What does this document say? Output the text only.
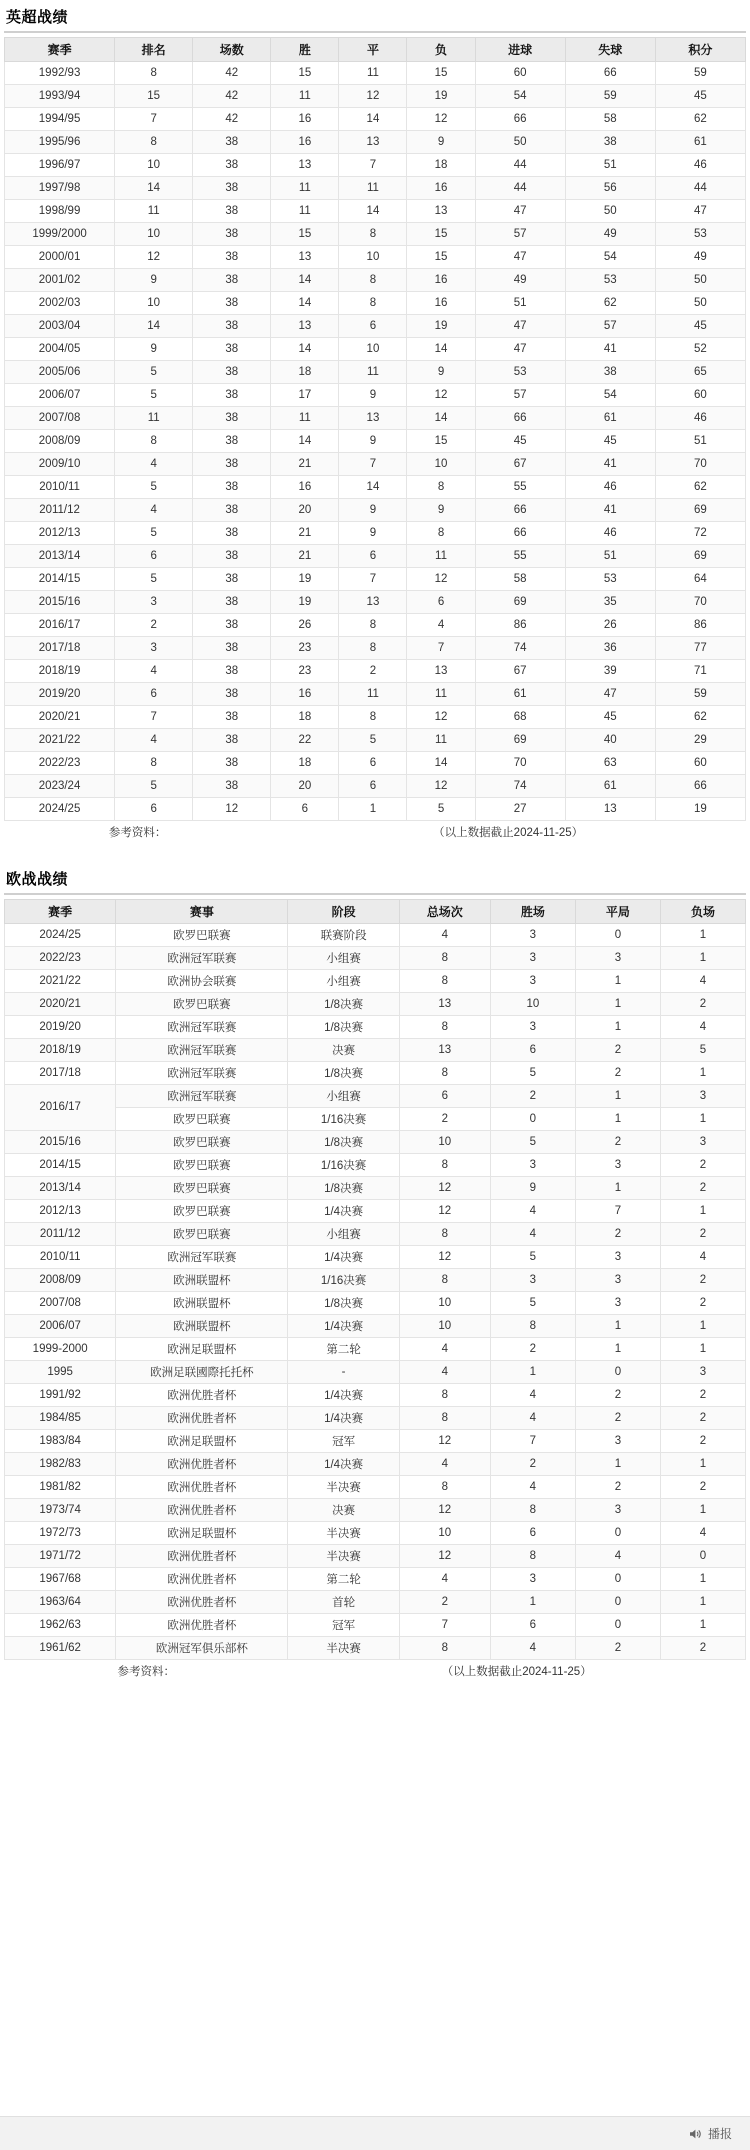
英超战绩
赛季	排名	场数	胜	平	负	进球	失球	积分
1992/93	8	42	15	11	15	60	66	59
1993/94	15	42	11	12	19	54	59	45
1994/95	7	42	16	14	12	66	58	62
1995/96	8	38	16	13	9	50	38	61
1996/97	10	38	13	7	18	44	51	46
1997/98	14	38	11	11	16	44	56	44
1998/99	11	38	11	14	13	47	50	47
1999/2000	10	38	15	8	15	57	49	53
2000/01	12	38	13	10	15	47	54	49
2001/02	9	38	14	8	16	49	53	50
2002/03	10	38	14	8	16	51	62	50
2003/04	14	38	13	6	19	47	57	45
2004/05	9	38	14	10	14	47	41	52
2005/06	5	38	18	11	9	53	38	65
2006/07	5	38	17	9	12	57	54	60
2007/08	11	38	11	13	14	66	61	46
2008/09	8	38	14	9	15	45	45	51
2009/10	4	38	21	7	10	67	41	70
2010/11	5	38	16	14	8	55	46	62
2011/12	4	38	20	9	9	66	41	69
2012/13	5	38	21	9	8	66	46	72
2013/14	6	38	21	6	11	55	51	69
2014/15	5	38	19	7	12	58	53	64
2015/16	3	38	19	13	6	69	35	70
2016/17	2	38	26	8	4	86	26	86
2017/18	3	38	23	8	7	74	36	77
2018/19	4	38	23	2	13	67	39	71
2019/20	6	38	16	11	11	61	47	59
2020/21	7	38	18	8	12	68	45	62
2021/22	4	38	22	5	11	69	40	29
2022/23	8	38	18	6	14	70	63	60
2023/24	5	38	20	6	12	74	61	66
2024/25	6	12	6	1	5	27	13	19
参考资料：			（以上数据截止2024-11-25）					
欧战战绩
赛季	赛事	阶段	总场次	胜场	平局	负场
2024/25	欧罗巴联赛	联赛阶段	4	3	0	1
2022/23	欧洲冠军联赛	小组赛	8	3	3	1
2021/22	欧洲协会联赛	小组赛	8	3	1	4
2020/21	欧罗巴联赛	1/8决赛	13	10	1	2
2019/20	欧洲冠军联赛	1/8决赛	8	3	1	4
2018/19	欧洲冠军联赛	决赛	13	6	2	5
2017/18	欧洲冠军联赛	1/8决赛	8	5	2	1
2016/17	欧洲冠军联赛	小组赛	6	2	1	3
	欧罗巴联赛	1/16决赛	2	0	1	1
2015/16	欧罗巴联赛	1/8决赛	10	5	2	3
2014/15	欧罗巴联赛	1/16决赛	8	3	3	2
2013/14	欧罗巴联赛	1/8决赛	12	9	1	2
2012/13	欧罗巴联赛	1/4决赛	12	4	7	1
2011/12	欧罗巴联赛	小组赛	8	4	2	2
2010/11	欧洲冠军联赛	1/4决赛	12	5	3	4
2008/09	欧洲联盟杯	1/16决赛	8	3	3	2
2007/08	欧洲联盟杯	1/8决赛	10	5	3	2
2006/07	欧洲联盟杯	1/4决赛	10	8	1	1
1999-2000	欧洲足联盟杯	第二轮	4	2	1	1
1995	欧洲足联國際托托杯	-	4	1	0	3
1991/92	欧洲优胜者杯	1/4决赛	8	4	2	2
1984/85	欧洲优胜者杯	1/4决赛	8	4	2	2
1983/84	欧洲足联盟杯	冠军	12	7	3	2
1982/83	欧洲优胜者杯	1/4决赛	4	2	1	1
1981/82	欧洲优胜者杯	半决赛	8	4	2	2
1973/74	欧洲优胜者杯	决赛	12	8	3	1
1972/73	欧洲足联盟杯	半决赛	10	6	0	4
1971/72	欧洲优胜者杯	半决赛	12	8	4	0
1967/68	欧洲优胜者杯	第二轮	4	3	0	1
1963/64	欧洲优胜者杯	首轮	2	1	0	1
1962/63	欧洲优胜者杯	冠军	7	6	0	1
1961/62	欧洲冠军俱乐部杯	半决赛	8	4	2	2
参考资料：		（以上数据截止2024-11-25）				
播报
